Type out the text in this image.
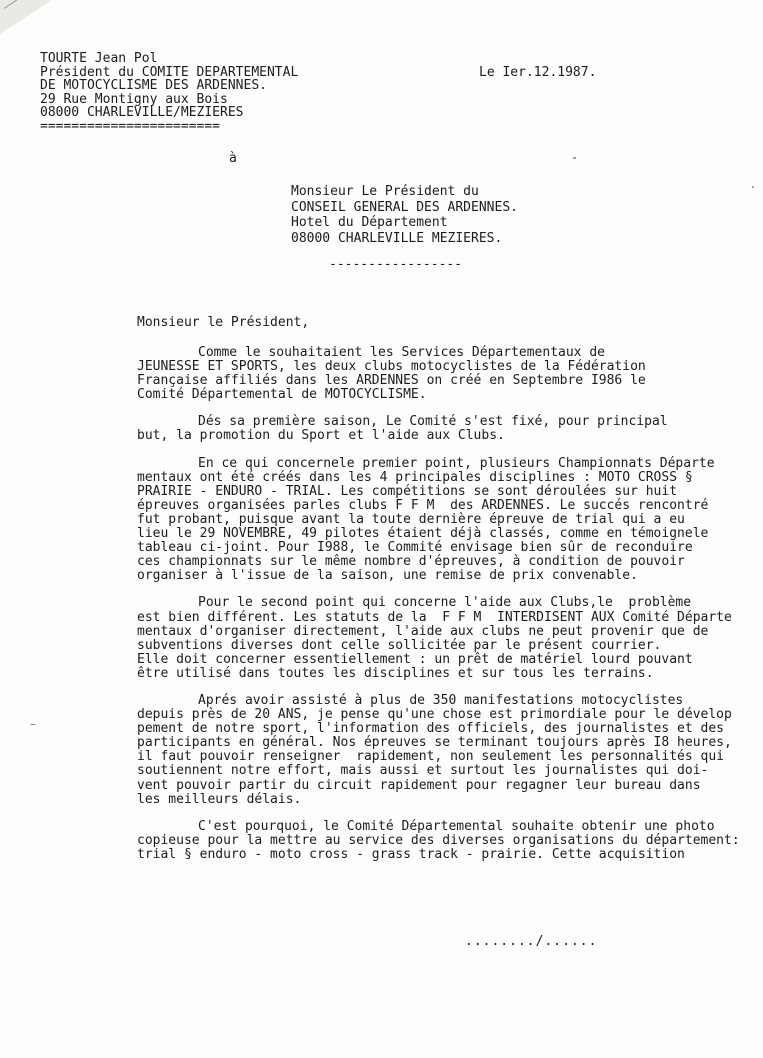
TOURTE Jean Pol
Président du COMITE DEPARTEMENTAL
DE MOTOCYCLISME DES ARDENNES.
29 Rue Montigny aux Bois
08000 CHARLEVILLE/MEZIERES
=======================
Le Ier.12.1987.
à
Monsieur Le Président du
CONSEIL GENERAL DES ARDENNES.
Hotel du Département
08000 CHARLEVILLE MEZIERES.
-----------------
Monsieur le Président,
Comme le souhaitaient les Services Départementaux de
JEUNESSE ET SPORTS, les deux clubs motocyclistes de la Fédération
Française affiliés dans les ARDENNES on créé en Septembre I986 le
Comité Départemental de MOTOCYCLISME.
Dés sa première saison, Le Comité s'est fixé, pour principal
but, la promotion du Sport et l'aide aux Clubs.
En ce qui concernele premier point, plusieurs Championnats Départe
mentaux ont été créés dans les 4 principales disciplines : MOTO CROSS §
PRAIRIE - ENDURO - TRIAL. Les compétitions se sont déroulées sur huit
épreuves organisées parles clubs F F M  des ARDENNES. Le succés rencontré
fut probant, puisque avant la toute dernière épreuve de trial qui a eu
lieu le 29 NOVEMBRE, 49 pilotes étaient déjà classés, comme en témoignele
tableau ci-joint. Pour I988, le Commité envisage bien sûr de reconduire
ces championnats sur le même nombre d'épreuves, à condition de pouvoir
organiser à l'issue de la saison, une remise de prix convenable.
Pour le second point qui concerne l'aide aux Clubs,le  problème
est bien différent. Les statuts de la  F F M  INTERDISENT AUX Comité Départe
mentaux d'organiser directement, l'aide aux clubs ne peut provenir que de
subventions diverses dont celle sollicitée par le présent courrier.
Elle doit concerner essentiellement : un prêt de matériel lourd pouvant
être utilisé dans toutes les disciplines et sur tous les terrains.
Aprés avoir assisté à plus de 350 manifestations motocyclistes
depuis près de 20 ANS, je pense qu'une chose est primordiale pour le dévelop
pement de notre sport, l'information des officiels, des journalistes et des
participants en général. Nos épreuves se terminant toujours après I8 heures,
il faut pouvoir renseigner  rapidement, non seulement les personnalités qui
soutiennent notre effort, mais aussi et surtout les journalistes qui doi-
vent pouvoir partir du circuit rapidement pour regagner leur bureau dans
les meilleurs délais.
C'est pourquoi, le Comité Départemental souhaite obtenir une photo
copieuse pour la mettre au service des diverses organisations du département:
trial § enduro - moto cross - grass track - prairie. Cette acquisition
......../......
